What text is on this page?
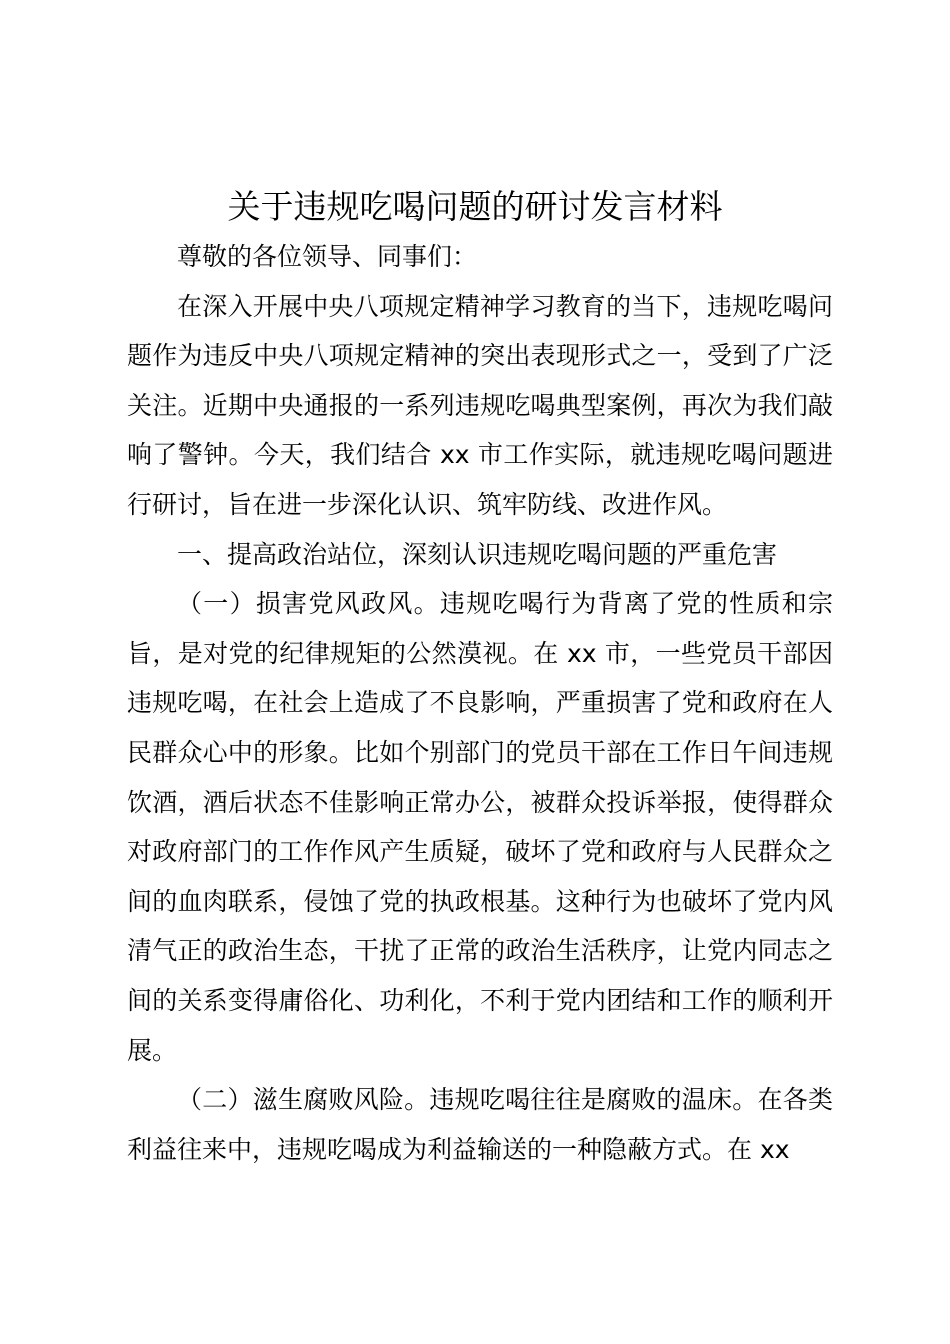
关于违规吃喝问题的研讨发言材料

尊敬的各位领导、同事们：

在深入开展中央八项规定精神学习教育的当下，违规吃喝问题作为违反中央八项规定精神的突出表现形式之一，受到了广泛关注。近期中央通报的一系列违规吃喝典型案例，再次为我们敲响了警钟。今天，我们结合 xx 市工作实际，就违规吃喝问题进行研讨，旨在进一步深化认识、筑牢防线、改进作风。

一、提高政治站位，深刻认识违规吃喝问题的严重危害

（一）损害党风政风。违规吃喝行为背离了党的性质和宗旨，是对党的纪律规矩的公然漠视。在 xx 市，一些党员干部因违规吃喝，在社会上造成了不良影响，严重损害了党和政府在人民群众心中的形象。比如个别部门的党员干部在工作日午间违规饮酒，酒后状态不佳影响正常办公，被群众投诉举报，使得群众对政府部门的工作作风产生质疑，破坏了党和政府与人民群众之间的血肉联系，侵蚀了党的执政根基。这种行为也破坏了党内风清气正的政治生态，干扰了正常的政治生活秩序，让党内同志之间的关系变得庸俗化、功利化，不利于党内团结和工作的顺利开展。

（二）滋生腐败风险。违规吃喝往往是腐败的温床。在各类利益往来中，违规吃喝成为利益输送的一种隐蔽方式。在 xx
